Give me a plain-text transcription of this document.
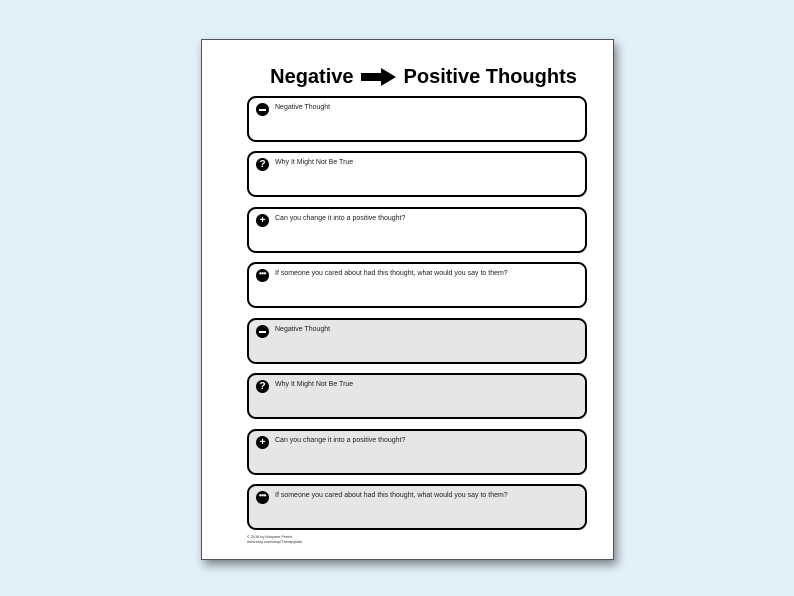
Negative	Positive Thoughts
Negative Thought
?	Why It Might Not Be True
+	Can you change it into a positive thought?
••• If someone you cared about had this thought, what would you say to them?
Negative Thought
?	Why It Might Not Be True
+	Can you change it into a positive thought?
••• If someone you cared about had this thought, what would you say to them?
© 2016 by Maryann Perrini
www.etsy.com/shop/Therapykids
